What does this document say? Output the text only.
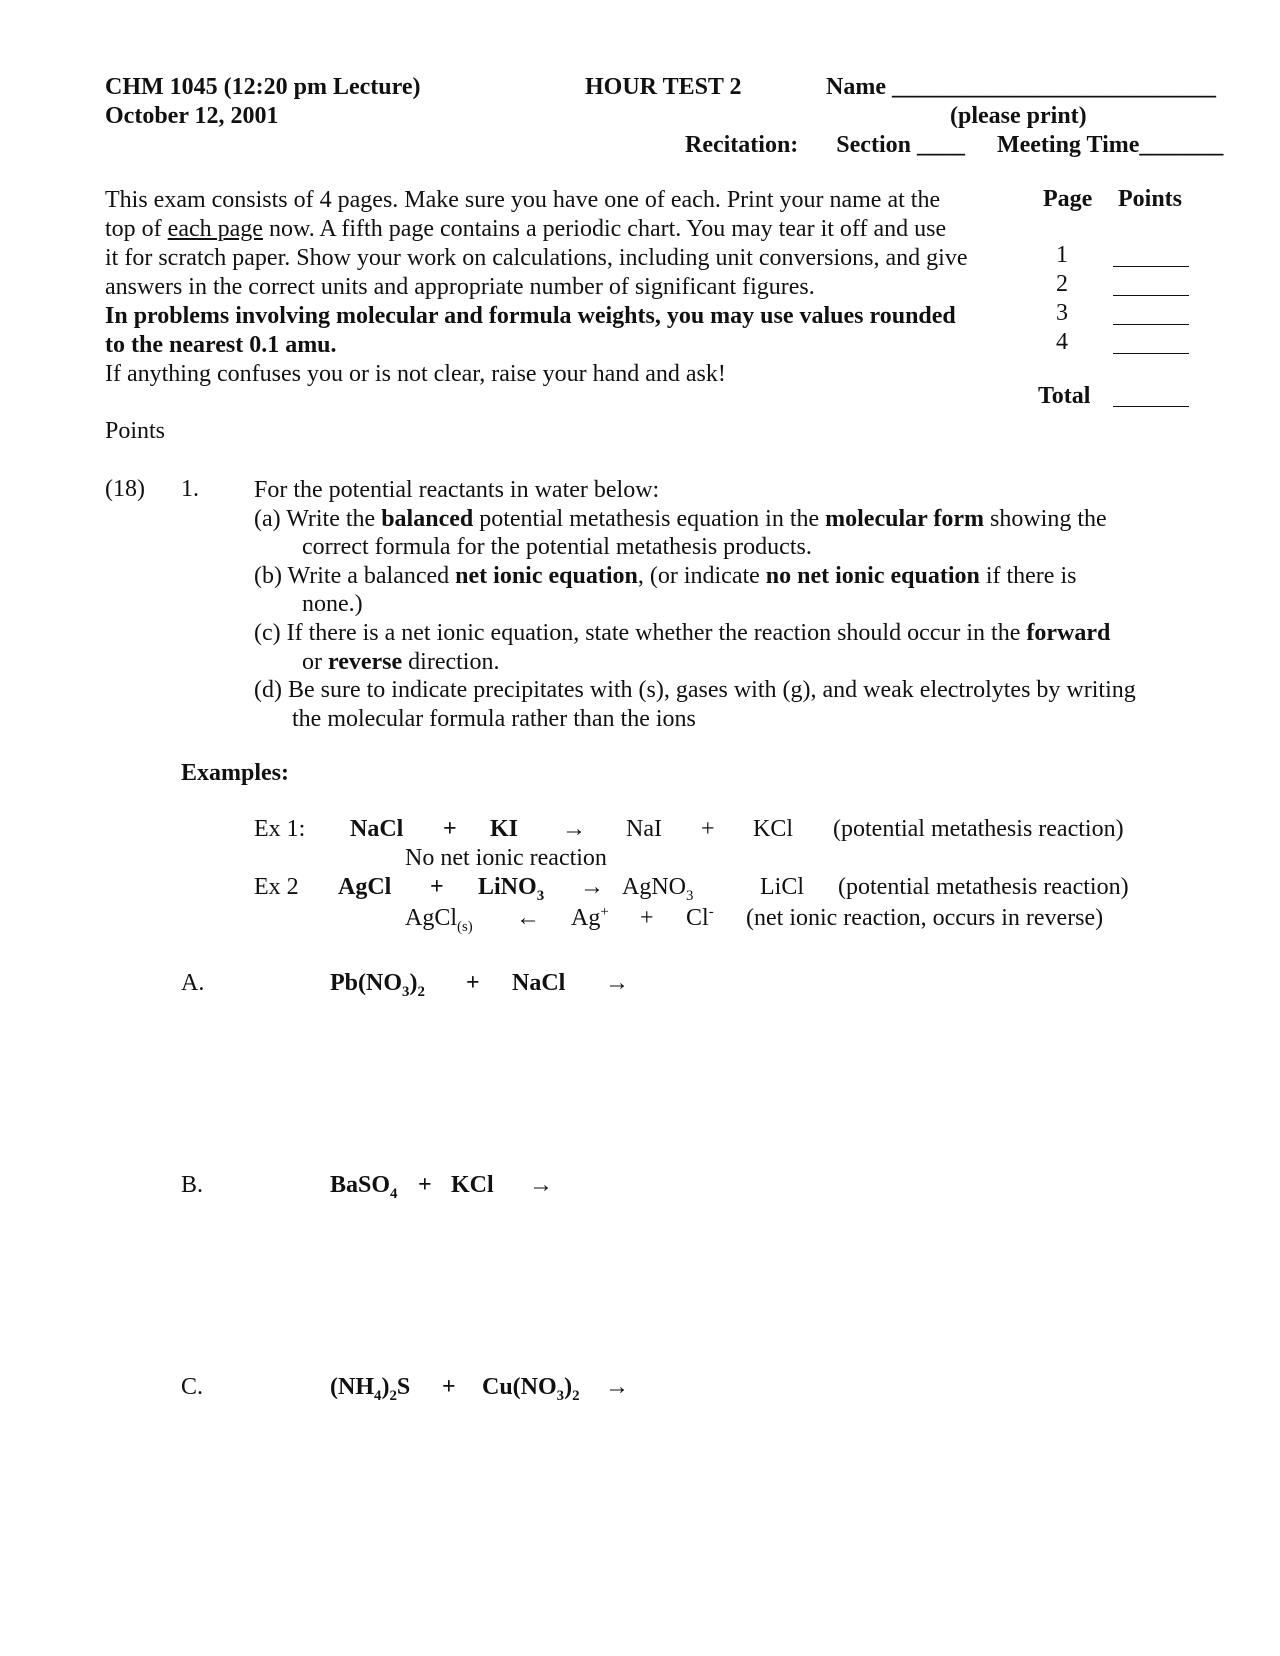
CHM 1045 (12:20 pm Lecture)
October 12, 2001
HOUR TEST 2	Name ___________________________
(please print)
Recitation: Section ____ Meeting Time_______
This exam consists of 4 pages. Make sure you have one of each. Print your name at the
top of each page now. A fifth page contains a periodic chart. You may tear it off and use
it for scratch paper. Show your work on calculations, including unit conversions, and give
answers in the correct units and appropriate number of significant figures.
In problems involving molecular and formula weights, you may use values rounded
to the nearest 0.1 amu.
If anything confuses you or is not clear, raise your hand and ask!
Page Points
1
2
3
4
Total
Points
(18) 1. For the potential reactants in water below:
(a) Write the balanced potential metathesis equation in the molecular form showing the
correct formula for the potential metathesis products.
(b) Write a balanced net ionic equation, (or indicate no net ionic equation if there is
none.)
(c) If there is a net ionic equation, state whether the reaction should occur in the forward
or reverse direction.
(d) Be sure to indicate precipitates with (s), gases with (g), and weak electrolytes by writing
the molecular formula rather than the ions
Examples:
Ex 1: NaCl + KI → NaI + KCl (potential metathesis reaction)
No net ionic reaction
Ex 2 AgCl + LiNO$_3$ → AgNO$_3$	LiCl (potential metathesis reaction)
AgCl$_{(s)}$ ← Ag+ + Cl- (net ionic reaction, occurs in reverse)
A.	$Pb(NO_3)_2$ + NaCl →
B.	BaSO$_4$ + KCl →
C.	$(NH_4)_2S + Cu(NO_3)_2$ →
